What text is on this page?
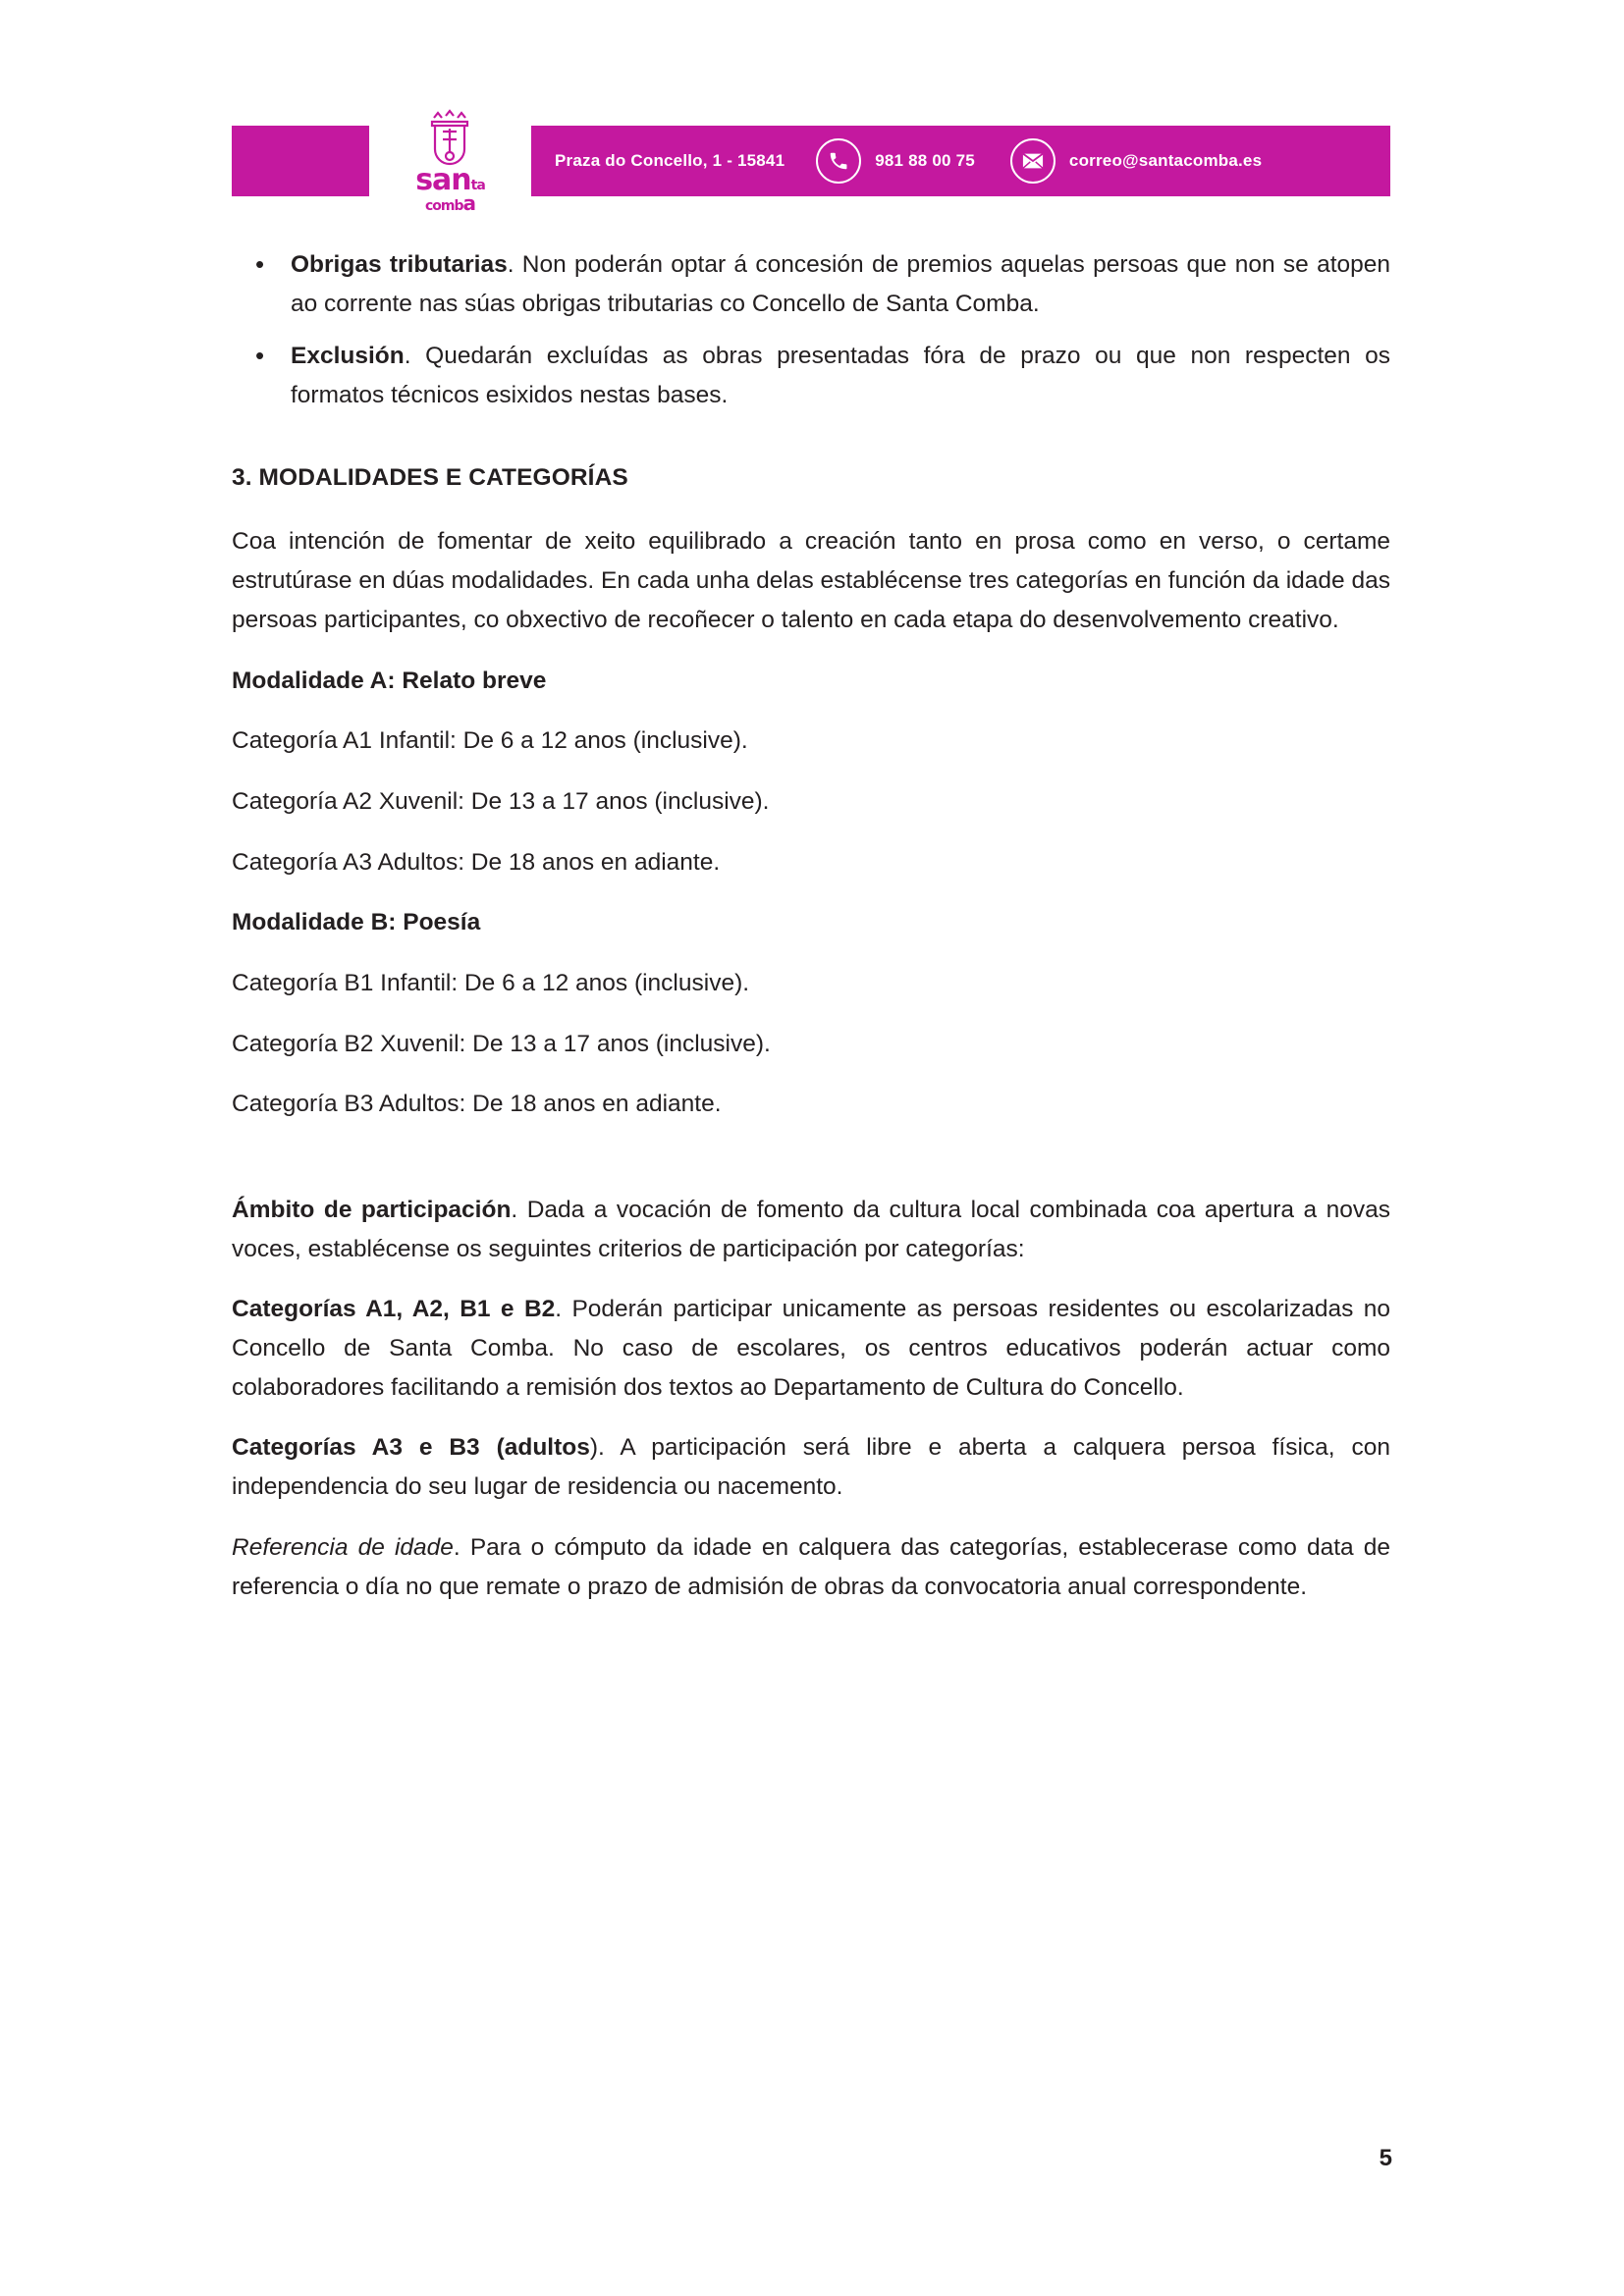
santa
comba
Praza do Concello, 1 - 15841	981 88 00 75	correo@santacomba.es
• Obrigas tributarias. Non poderán optar á concesión de premios aquelas persoas que non se atopen ao corrente nas súas obrigas tributarias co Concello de Santa Comba.
• Exclusión. Quedarán excluídas as obras presentadas fóra de prazo ou que non respecten os formatos técnicos esixidos nestas bases.
3. MODALIDADES E CATEGORÍAS

Coa intención de fomentar de xeito equilibrado a creación tanto en prosa como en verso, o certame estrutúrase en dúas modalidades. En cada unha delas establécense tres categorías en función da idade das persoas participantes, co obxectivo de recoñecer o talento en cada etapa do desenvolvemento creativo.

Modalidade A: Relato breve

Categoría A1 Infantil: De 6 a 12 anos (inclusive).

Categoría A2 Xuvenil: De 13 a 17 anos (inclusive).

Categoría A3 Adultos: De 18 anos en adiante.

Modalidade B: Poesía

Categoría B1 Infantil: De 6 a 12 anos (inclusive).

Categoría B2 Xuvenil: De 13 a 17 anos (inclusive).

Categoría B3 Adultos: De 18 anos en adiante.

Ámbito de participación. Dada a vocación de fomento da cultura local combinada coa apertura a novas voces, establécense os seguintes criterios de participación por categorías:

Categorías A1, A2, B1 e B2. Poderán participar unicamente as persoas residentes ou escolarizadas no Concello de Santa Comba. No caso de escolares, os centros educativos poderán actuar como colaboradores facilitando a remisión dos textos ao Departamento de Cultura do Concello.

Categorías A3 e B3 (adultos). A participación será libre e aberta a calquera persoa física, con independencia do seu lugar de residencia ou nacemento.

Referencia de idade. Para o cómputo da idade en calquera das categorías, establecerase como data de referencia o día no que remate o prazo de admisión de obras da convocatoria anual correspondente.

5
